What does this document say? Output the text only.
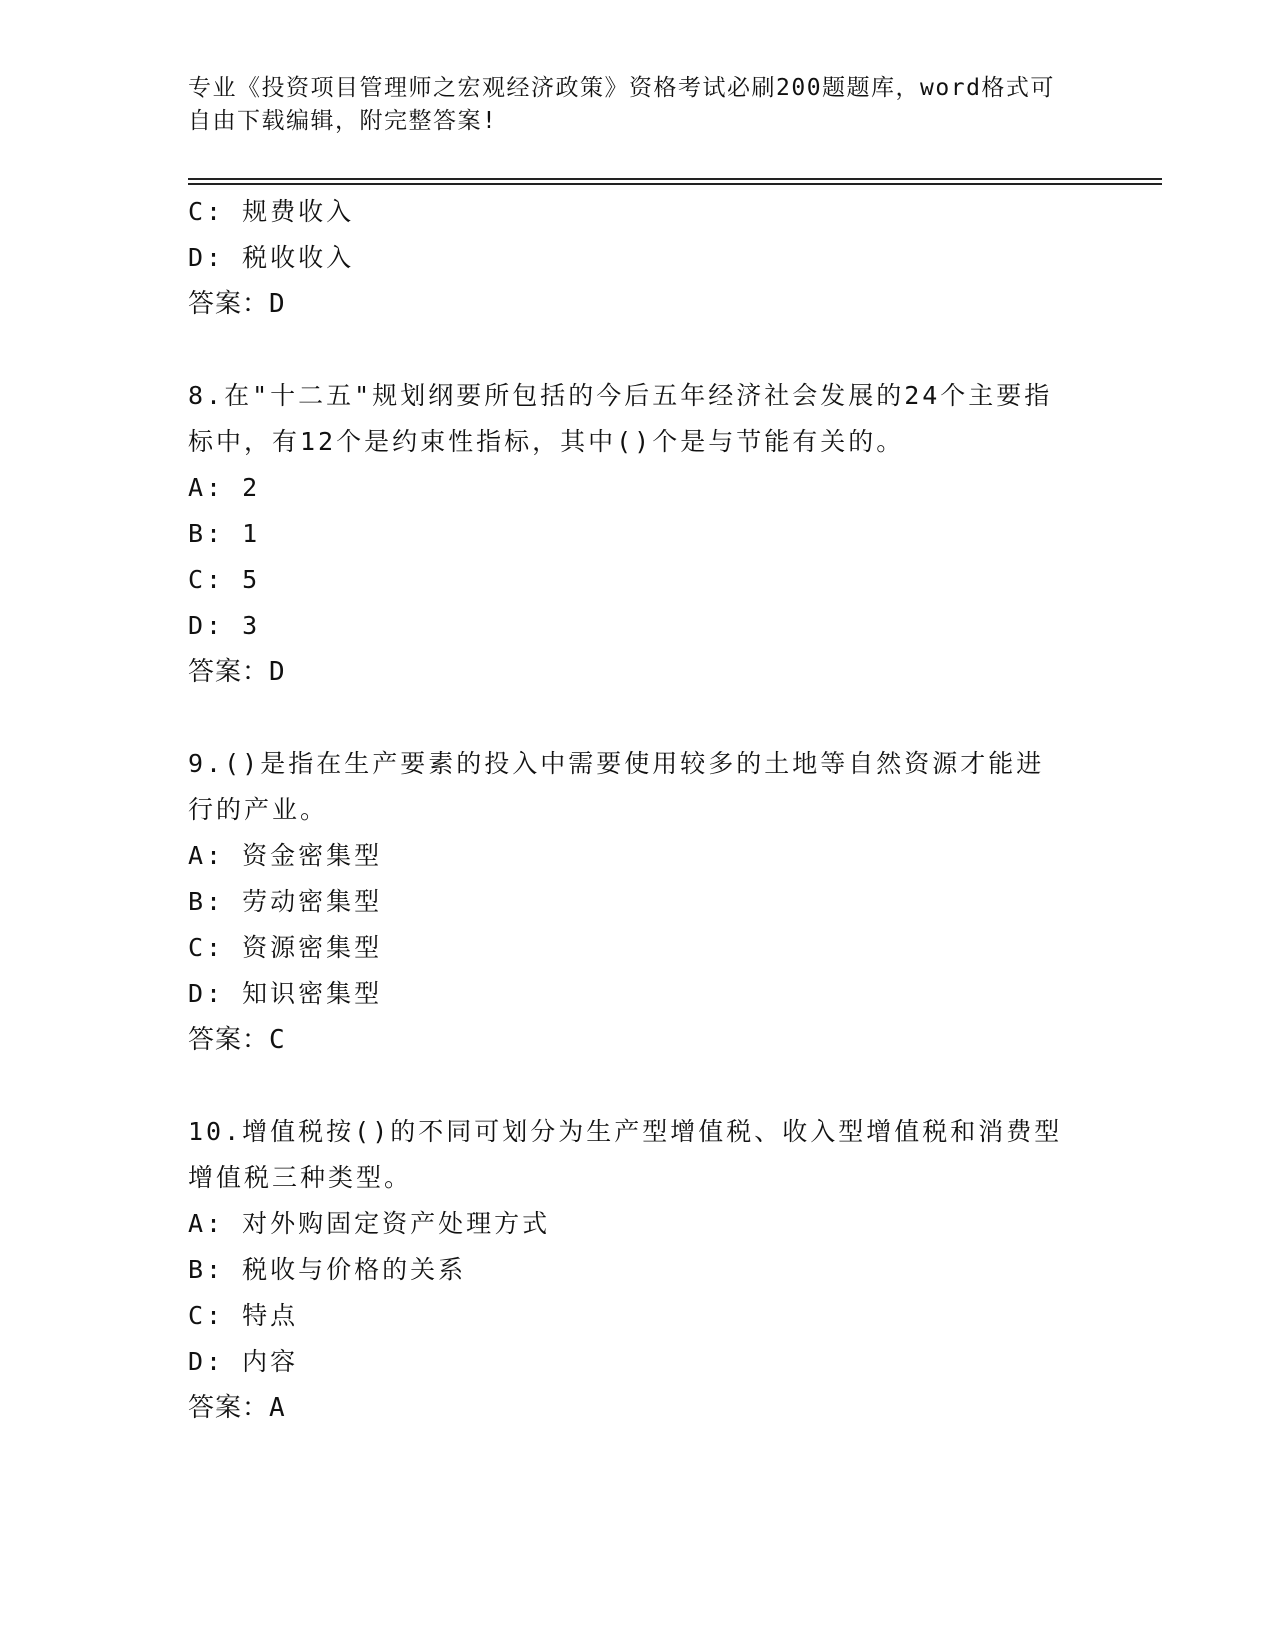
专业《投资项目管理师之宏观经济政策》资格考试必刷200题题库，word格式可
自由下载编辑，附完整答案!
C: 规费收入
D: 税收收入
答案：D
8.在"十二五"规划纲要所包括的今后五年经济社会发展的24个主要指
标中，有12个是约束性指标，其中()个是与节能有关的。
A: 2
B: 1
C: 5
D: 3
答案：D
9.()是指在生产要素的投入中需要使用较多的土地等自然资源才能进
行的产业。
A: 资金密集型
B: 劳动密集型
C: 资源密集型
D: 知识密集型
答案：C
10.增值税按()的不同可划分为生产型增值税、收入型增值税和消费型
增值税三种类型。
A: 对外购固定资产处理方式
B: 税收与价格的关系
C: 特点
D: 内容
答案：A
